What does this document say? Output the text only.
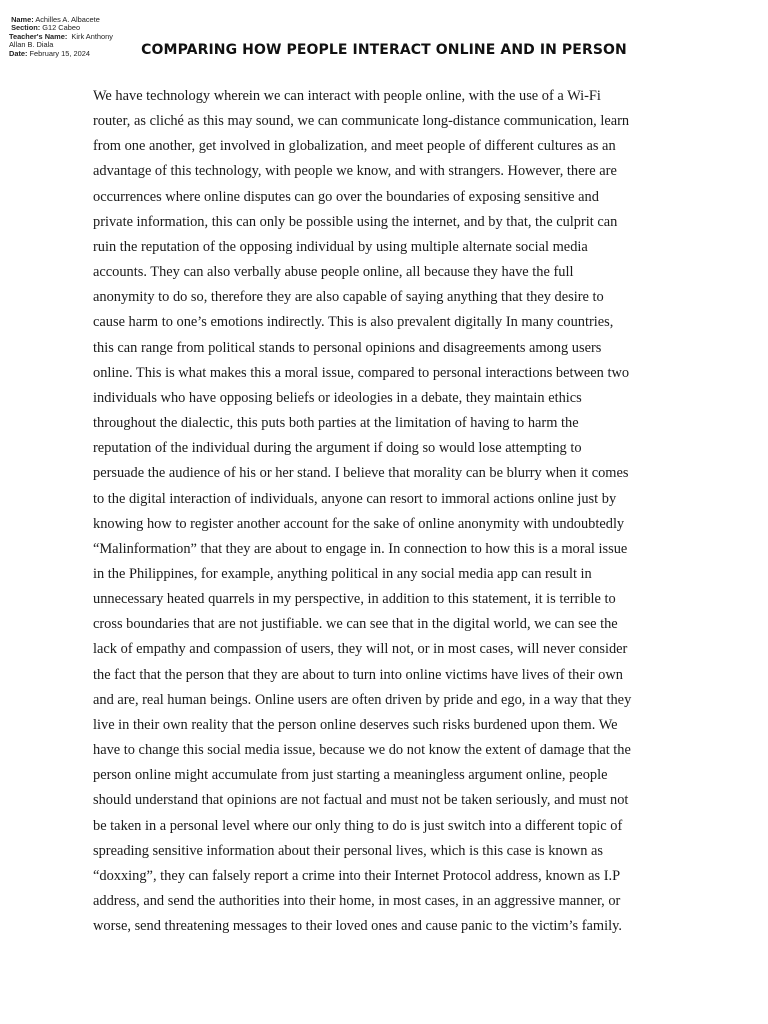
Name: Achilles A. Albacete
Section: G12 Cabeo
Teacher's Name: Kirk Anthony
Allan B. Diala
Date: February 15, 2024	COMPARING HOW PEOPLE INTERACT ONLINE AND IN PERSON
We have technology wherein we can interact with people online, with the use of a Wi-Fi
router, as cliché as this may sound, we can communicate long-distance communication, learn
from one another, get involved in globalization, and meet people of different cultures as an
advantage of this technology, with people we know, and with strangers. However, there are
occurrences where online disputes can go over the boundaries of exposing sensitive and
private information, this can only be possible using the internet, and by that, the culprit can
ruin the reputation of the opposing individual by using multiple alternate social media
accounts. They can also verbally abuse people online, all because they have the full
anonymity to do so, therefore they are also capable of saying anything that they desire to
cause harm to one’s emotions indirectly. This is also prevalent digitally In many countries,
this can range from political stands to personal opinions and disagreements among users
online. This is what makes this a moral issue, compared to personal interactions between two
individuals who have opposing beliefs or ideologies in a debate, they maintain ethics
throughout the dialectic, this puts both parties at the limitation of having to harm the
reputation of the individual during the argument if doing so would lose attempting to
persuade the audience of his or her stand. I believe that morality can be blurry when it comes
to the digital interaction of individuals, anyone can resort to immoral actions online just by
knowing how to register another account for the sake of online anonymity with undoubtedly
“Malinformation” that they are about to engage in. In connection to how this is a moral issue
in the Philippines, for example, anything political in any social media app can result in
unnecessary heated quarrels in my perspective, in addition to this statement, it is terrible to
cross boundaries that are not justifiable. we can see that in the digital world, we can see the
lack of empathy and compassion of users, they will not, or in most cases, will never consider
the fact that the person that they are about to turn into online victims have lives of their own
and are, real human beings. Online users are often driven by pride and ego, in a way that they
live in their own reality that the person online deserves such risks burdened upon them. We
have to change this social media issue, because we do not know the extent of damage that the
person online might accumulate from just starting a meaningless argument online, people
should understand that opinions are not factual and must not be taken seriously, and must not
be taken in a personal level where our only thing to do is just switch into a different topic of
spreading sensitive information about their personal lives, which is this case is known as
“doxxing”, they can falsely report a crime into their Internet Protocol address, known as I.P
address, and send the authorities into their home, in most cases, in an aggressive manner, or
worse, send threatening messages to their loved ones and cause panic to the victim’s family.
